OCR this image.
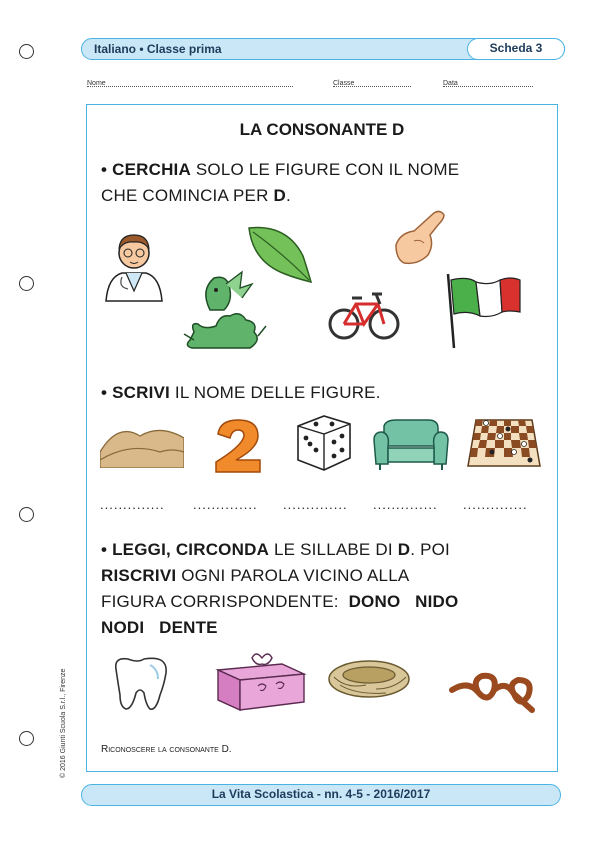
Italiano • Classe prima	Scheda 3
Nome	Classe	Data
LA CONSONANTE D
• CERCHIA SOLO LE FIGURE CON IL NOME
CHE COMINCIA PER D.
• SCRIVI IL NOME DELLE FIGURE.
.............. .............. .............. .............. ..............
• LEGGI, CIRCONDA LE SILLABE DI D. POI
RISCRIVI OGNI PAROLA VICINO ALLA
FIGURA CORRISPONDENTE: DONO NIDO
NODI DENTE
Riconoscere la consonante D.
© 2016 Giunti Scuola S.r.l., Firenze
La Vita Scolastica - nn. 4-5 - 2016/2017
